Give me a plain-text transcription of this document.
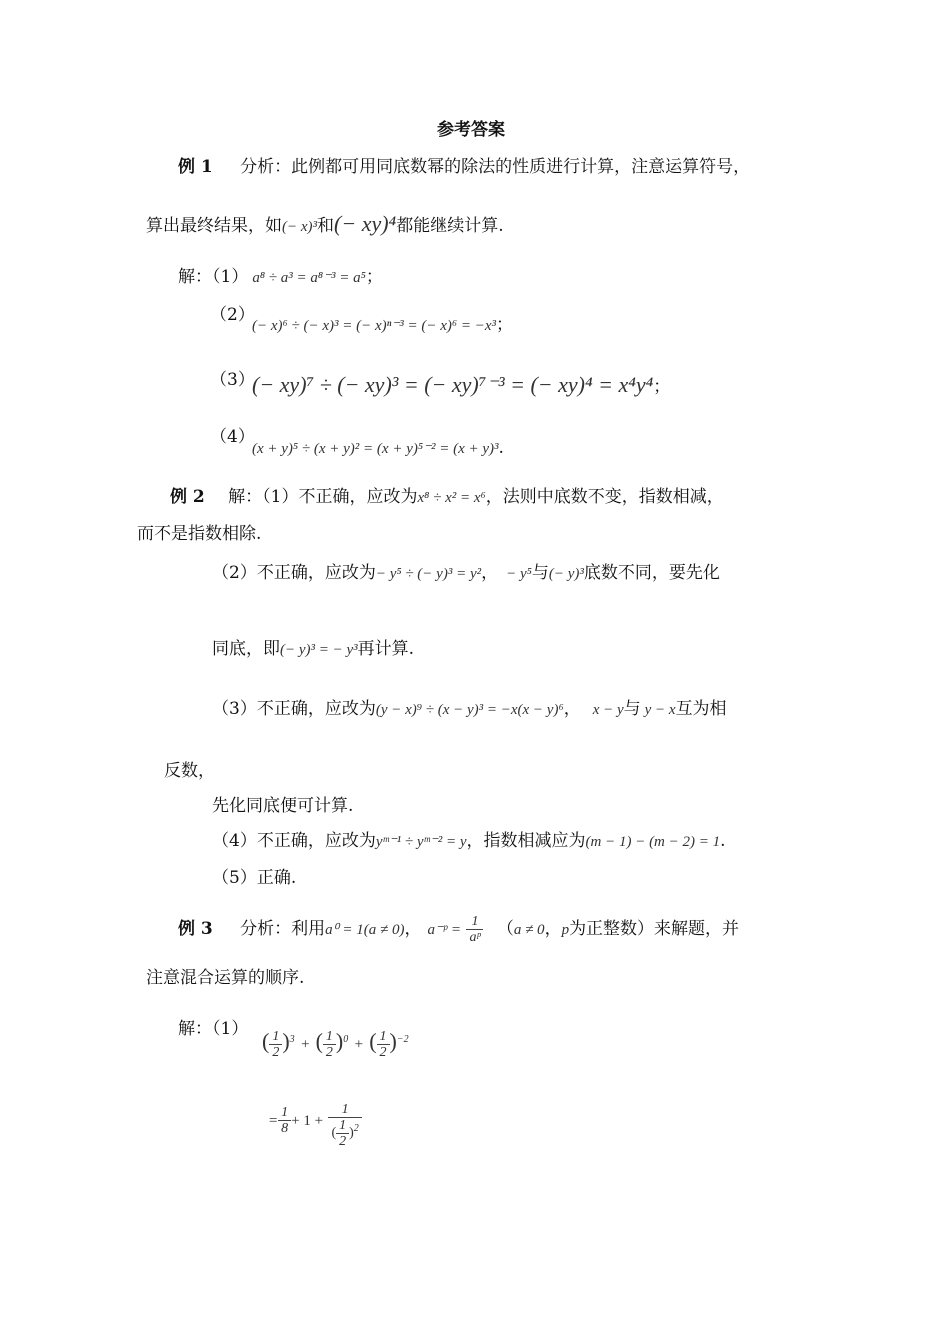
参考答案
例 1 分析：此例都可用同底数幂的除法的性质进行计算，注意运算符号，
算出最终结果，如(− x)³和(− xy)⁴都能继续计算.
解：（1） a⁸ ÷ a³ = a⁸⁻³ = a⁵；
（2）
(− x)⁶ ÷ (− x)³ = (− x)ⁿ⁻³ = (− x)⁶ = −x³；
（3）
(− xy)⁷ ÷ (− xy)³ = (− xy)⁷⁻³ = (− xy)⁴ = x⁴y⁴；
（4）
(x + y)⁵ ÷ (x + y)² = (x + y)⁵⁻² = (x + y)³.
例 2 解：（1）不正确，应改为x⁸ ÷ x² = x⁶，法则中底数不变，指数相减，
而不是指数相除.
（2）不正确，应改为− y⁵ ÷ (− y)³ = y²， − y⁵与(− y)³底数不同，要先化
同底，即(− y)³ = − y³再计算.
（3）不正确，应改为(y − x)⁹ ÷ (x − y)³ = −x(x − y)⁶， x − y与 y − x互为相
反数，
先化同底便可计算.
（4）不正确，应改为yᵐ⁻¹ ÷ yᵐ⁻² = y，指数相减应为(m − 1) − (m − 2) = 1.
（5）正确.
例 3 分析：利用a⁰ = 1(a ≠ 0)， a⁻ᵖ = $\frac{1}{\text{aᵖ}} (a \ne 0$，p为正整数）来解题，并
注意混合运算的顺序.
解：（1） ( $\frac{1}{2} )^3$ + ( $\frac{1}{2} )^0$ + ( $\frac{1}{2} )^{-2}$
= $\frac{1}{8} + 1 + \frac{1}{( \frac{1}{2} )^2}$
